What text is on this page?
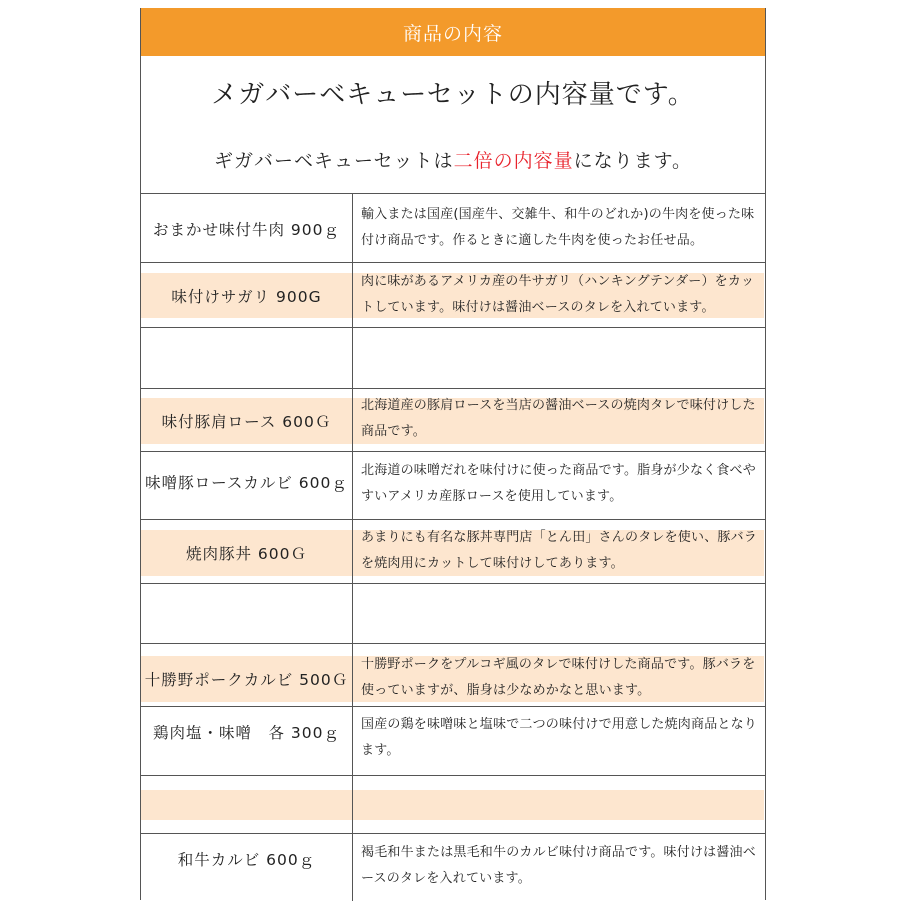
商品の内容
メガバーベキューセットの内容量です。
ギガバーベキューセットは二倍の内容量になります。
おまかせ味付牛肉 900ｇ
輸入または国産(国産牛、交雑牛、和牛のどれか)の牛肉を使った味付け商品です。作るときに適した牛肉を使ったお任せ品。
味付けサガリ 900G
肉に味があるアメリカ産の牛サガリ（ハンキングテンダー）をカットしています。味付けは醤油ベースのタレを入れています。
味付豚肩ロース 600Ｇ
北海道産の豚肩ロースを当店の醤油ベースの焼肉タレで味付けした商品です。
味噌豚ロースカルビ 600ｇ
北海道の味噌だれを味付けに使った商品です。脂身が少なく食べやすいアメリカ産豚ロースを使用しています。
焼肉豚丼 600Ｇ
あまりにも有名な豚丼専門店「とん田」さんのタレを使い、豚バラを焼肉用にカットして味付けしてあります。
十勝野ポークカルビ 500Ｇ
十勝野ポークをプルコギ風のタレで味付けした商品です。豚バラを使っていますが、脂身は少なめかなと思います。
鶏肉塩・味噌　各 300ｇ	国産の鶏を味噌味と塩味で二つの味付けで用意した焼肉商品となります。
和牛カルビ 600ｇ	褐毛和牛または黒毛和牛のカルビ味付け商品です。味付けは醤油ベースのタレを入れています。
